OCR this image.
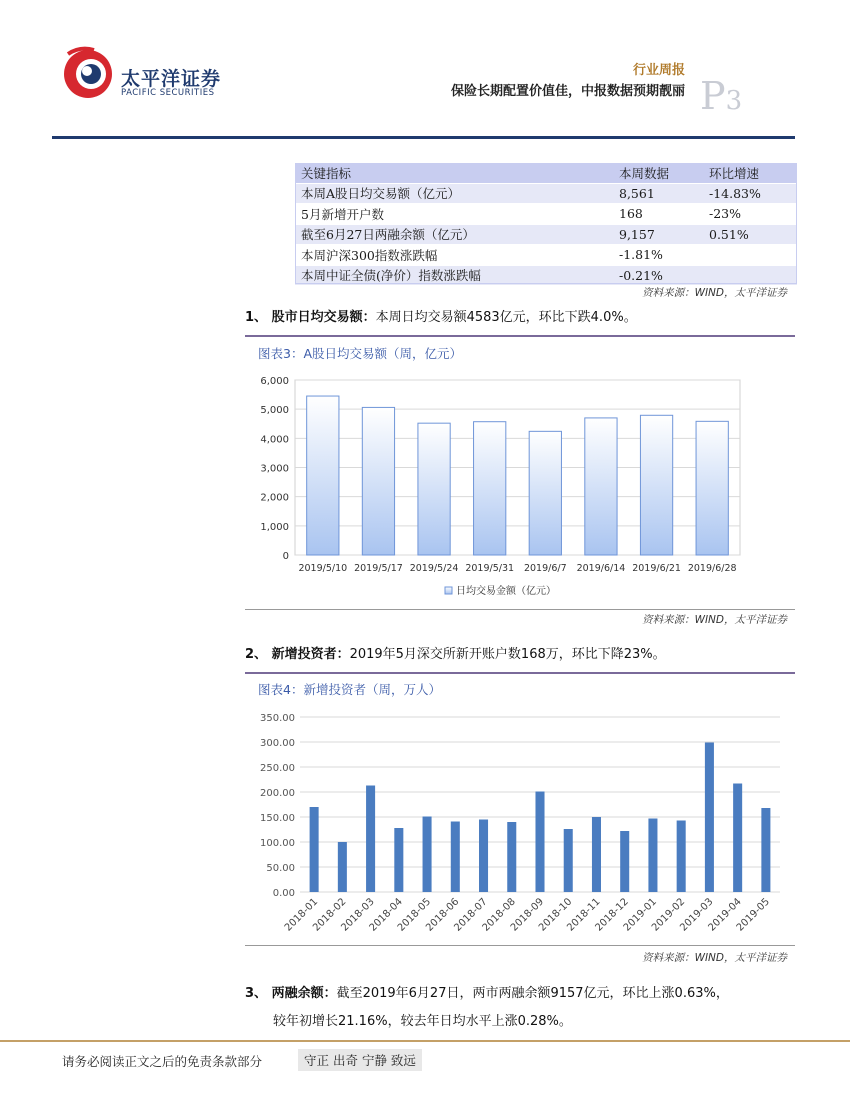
太平洋证券
PACIFIC SECURITIES
行业周报
保险长期配置价值佳，中报数据预期靓丽 P3
关键指标	本周数据	环比增速
本周A股日均交易额（亿元）	8,561	-14.83%
5月新增开户数	168	-23%
截至6月27日两融余额（亿元）	9,157	0.51%
本周沪深300指数涨跌幅	-1.81%	
本周中证全债(净价）指数涨跌幅	-0.21%	
资料来源：WIND，太平洋证券
1、 股市日均交易额：本周日均交易额4583亿元，环比下跌4.0%。
图表3：A股日均交易额（周，亿元）
0
1,000
2,000
3,000
4,000
5,000
6,000
2019/5/10 2019/5/17 2019/5/24 2019/5/31 2019/6/7 2019/6/14 2019/6/21 2019/6/28
日均交易金额（亿元）
资料来源：WIND，太平洋证券
2、 新增投资者：2019年5月深交所新开账户数168万，环比下降23%。
图表4：新增投资者（周，万人）
0.00
50.00
100.00
150.00
200.00
250.00
300.00
350.00
2018-01
2018-02
2018-03
2018-04
2018-05
2018-06
2018-07
2018-08
2018-09
2018-10
2018-11
2018-12
2019-01
2019-02
2019-03
2019-04
2019-05
资料来源：WIND，太平洋证券
3、 两融余额：截至2019年6月27日，两市两融余额9157亿元，环比上涨0.63%，
较年初增长21.16%，较去年日均水平上涨0.28%。
请务必阅读正文之后的免责条款部分	守正 出奇 宁静 致远
